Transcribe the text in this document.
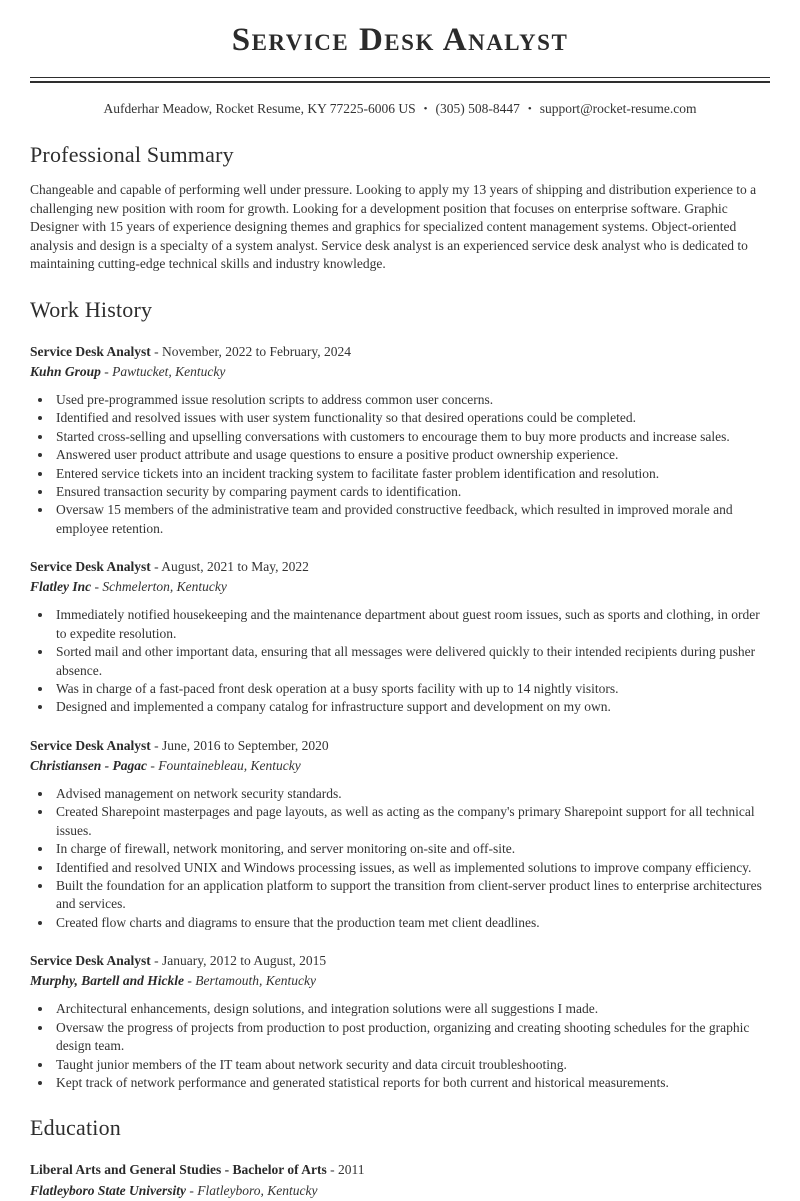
Service Desk Analyst
Aufderhar Meadow, Rocket Resume, KY 77225-6006 US • (305) 508-8447 • support@rocket-resume.com
Professional Summary

Changeable and capable of performing well under pressure. Looking to apply my 13 years of shipping and distribution experience to a challenging new position with room for growth. Looking for a development position that focuses on enterprise software. Graphic Designer with 15 years of experience designing themes and graphics for specialized content management systems. Object-oriented analysis and design is a specialty of a system analyst. Service desk analyst is an experienced service desk analyst who is dedicated to maintaining cutting-edge technical skills and industry knowledge.

Work History

Service Desk Analyst - November, 2022 to February, 2024

Kuhn Group - Pawtucket, Kentucky

• Used pre-programmed issue resolution scripts to address common user concerns.
• Identified and resolved issues with user system functionality so that desired operations could be completed.
• Started cross-selling and upselling conversations with customers to encourage them to buy more products and increase sales.
• Answered user product attribute and usage questions to ensure a positive product ownership experience.
• Entered service tickets into an incident tracking system to facilitate faster problem identification and resolution.
• Ensured transaction security by comparing payment cards to identification.
• Oversaw 15 members of the administrative team and provided constructive feedback, which resulted in improved morale and employee retention.

Service Desk Analyst - August, 2021 to May, 2022

Flatley Inc - Schmelerton, Kentucky

• Immediately notified housekeeping and the maintenance department about guest room issues, such as sports and clothing, in order to expedite resolution.
• Sorted mail and other important data, ensuring that all messages were delivered quickly to their intended recipients during pusher absence.
• Was in charge of a fast-paced front desk operation at a busy sports facility with up to 14 nightly visitors.
• Designed and implemented a company catalog for infrastructure support and development on my own.

Service Desk Analyst - June, 2016 to September, 2020

Christiansen - Pagac - Fountainebleau, Kentucky

• Advised management on network security standards.
• Created Sharepoint masterpages and page layouts, as well as acting as the company's primary Sharepoint support for all technical issues.
• In charge of firewall, network monitoring, and server monitoring on-site and off-site.
• Identified and resolved UNIX and Windows processing issues, as well as implemented solutions to improve company efficiency.
• Built the foundation for an application platform to support the transition from client-server product lines to enterprise architectures and services.
• Created flow charts and diagrams to ensure that the production team met client deadlines.

Service Desk Analyst - January, 2012 to August, 2015

Murphy, Bartell and Hickle - Bertamouth, Kentucky

• Architectural enhancements, design solutions, and integration solutions were all suggestions I made.
• Oversaw the progress of projects from production to post production, organizing and creating shooting schedules for the graphic design team.
• Taught junior members of the IT team about network security and data circuit troubleshooting.
• Kept track of network performance and generated statistical reports for both current and historical measurements.
Education

Liberal Arts and General Studies - Bachelor of Arts - 2011

Flatleyboro State University - Flatleyboro, Kentucky
